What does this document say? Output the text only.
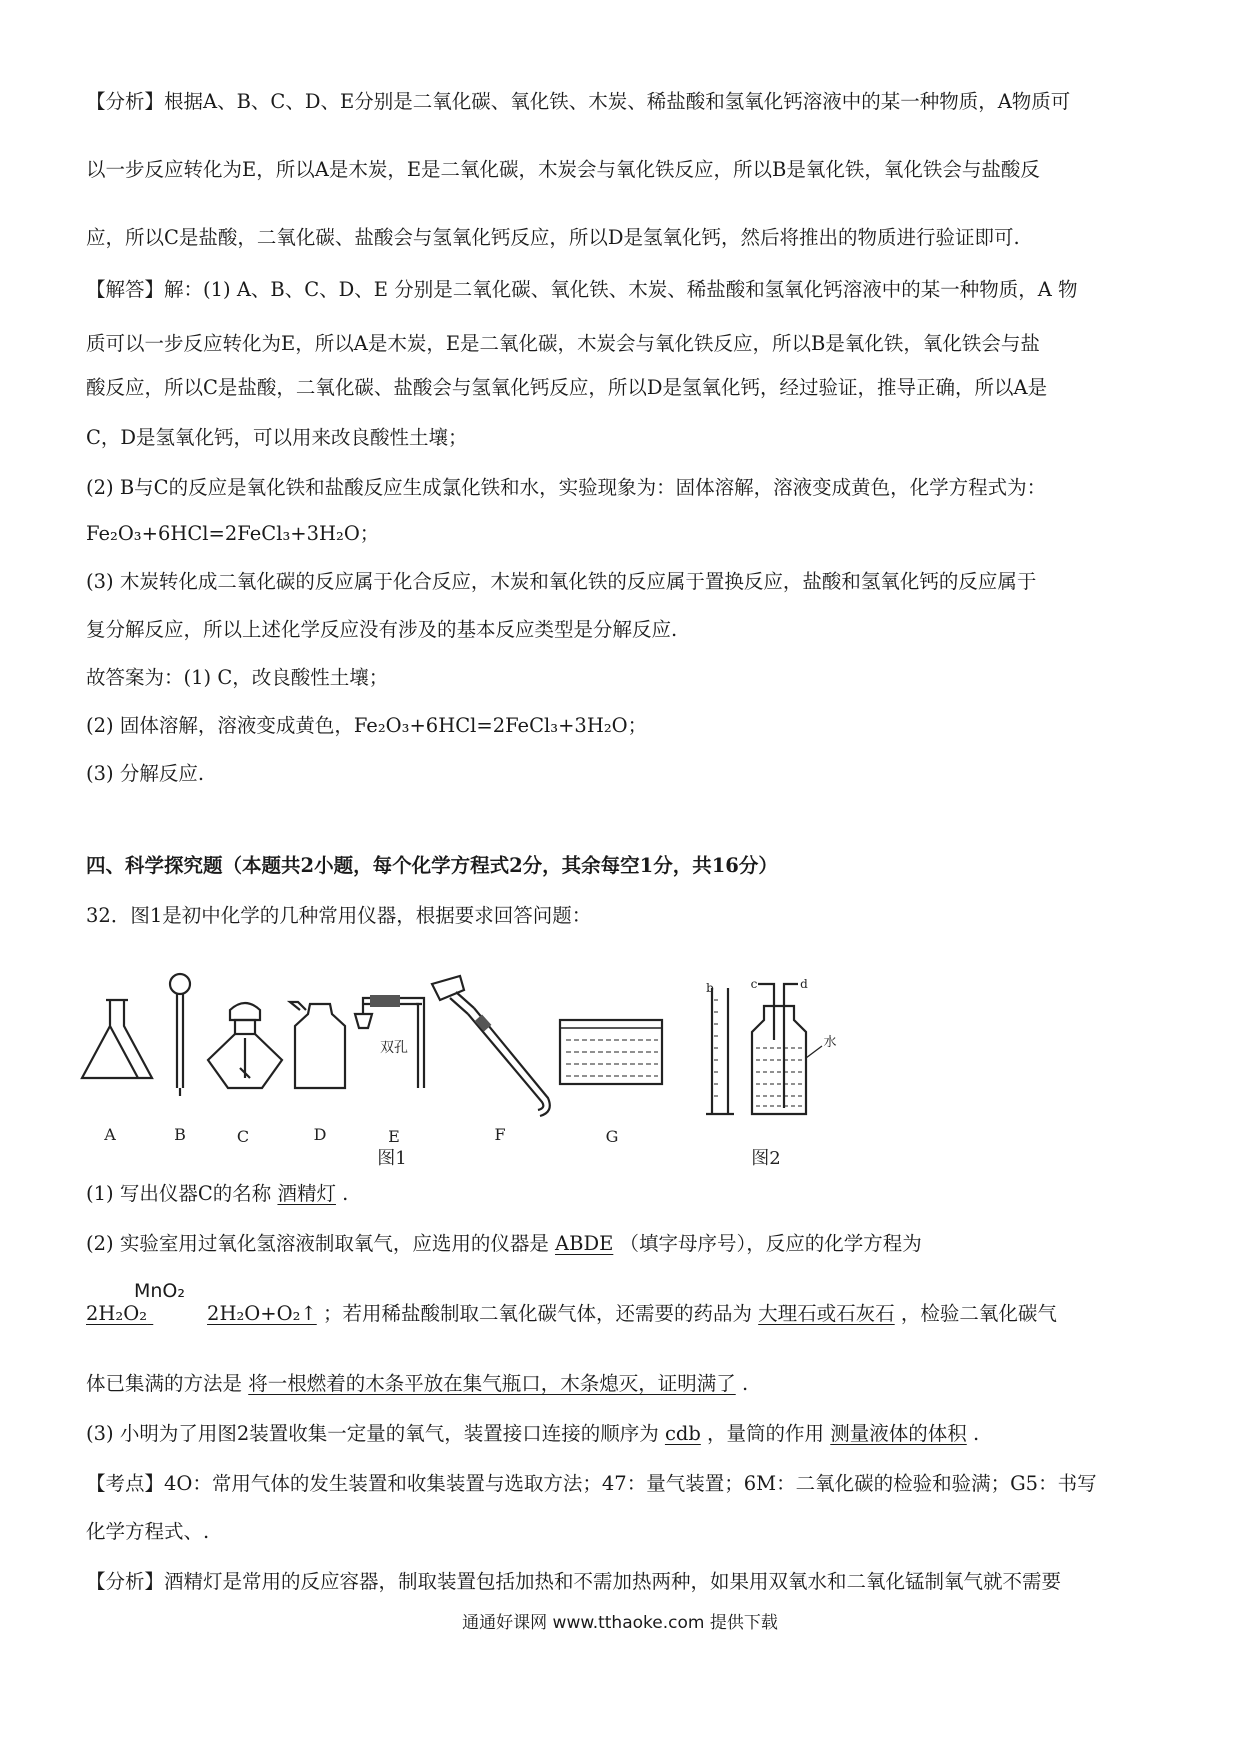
【分析】根据A、B、C、D、E分别是二氧化碳、氧化铁、木炭、稀盐酸和氢氧化钙溶液中的某一种物质，A物质可
以一步反应转化为E，所以A是木炭，E是二氧化碳，木炭会与氧化铁反应，所以B是氧化铁，氧化铁会与盐酸反
应，所以C是盐酸，二氧化碳、盐酸会与氢氧化钙反应，所以D是氢氧化钙，然后将推出的物质进行验证即可.
【解答】解：(1) A、B、C、D、E 分别是二氧化碳、氧化铁、木炭、稀盐酸和氢氧化钙溶液中的某一种物质，A 物
质可以一步反应转化为E，所以A是木炭，E是二氧化碳，木炭会与氧化铁反应，所以B是氧化铁，氧化铁会与盐
酸反应，所以C是盐酸，二氧化碳、盐酸会与氢氧化钙反应，所以D是氢氧化钙，经过验证，推导正确，所以A是
C，D是氢氧化钙，可以用来改良酸性土壤；
(2) B与C的反应是氧化铁和盐酸反应生成氯化铁和水，实验现象为：固体溶解，溶液变成黄色，化学方程式为：
Fe₂O₃+6HCl=2FeCl₃+3H₂O；
(3) 木炭转化成二氧化碳的反应属于化合反应，木炭和氧化铁的反应属于置换反应，盐酸和氢氧化钙的反应属于
复分解反应，所以上述化学反应没有涉及的基本反应类型是分解反应.
故答案为：(1) C，改良酸性土壤；
(2) 固体溶解，溶液变成黄色，Fe₂O₃+6HCl=2FeCl₃+3H₂O；
(3) 分解反应.
四、科学探究题（本题共2小题，每个化学方程式2分，其余每空1分，共16分）
32．图1是初中化学的几种常用仪器，根据要求回答问题：
A	B	C	D	E	F	G
双孔
图1	图2
b	c	d
水
(1) 写出仪器C的名称 酒精灯 .
(2) 实验室用过氧化氢溶液制取氧气，应选用的仪器是 ABDE （填字母序号），反应的化学方程为
2H₂O₂	2H₂O+O₂↑ ；若用稀盐酸制取二氧化碳气体，还需要的药品为 大理石或石灰石 ，检验二氧化碳气
体已集满的方法是 将一根燃着的木条平放在集气瓶口，木条熄灭，证明满了 .
(3) 小明为了用图2装置收集一定量的氧气，装置接口连接的顺序为 cdb ，量筒的作用 测量液体的体积 .
【考点】4O：常用气体的发生装置和收集装置与选取方法；47：量气装置；6M：二氧化碳的检验和验满；G5：书写
化学方程式、.
【分析】酒精灯是常用的反应容器，制取装置包括加热和不需加热两种，如果用双氧水和二氧化锰制氧气就不需要
MnO₂
通通好课网 www.tthaoke.com 提供下载
